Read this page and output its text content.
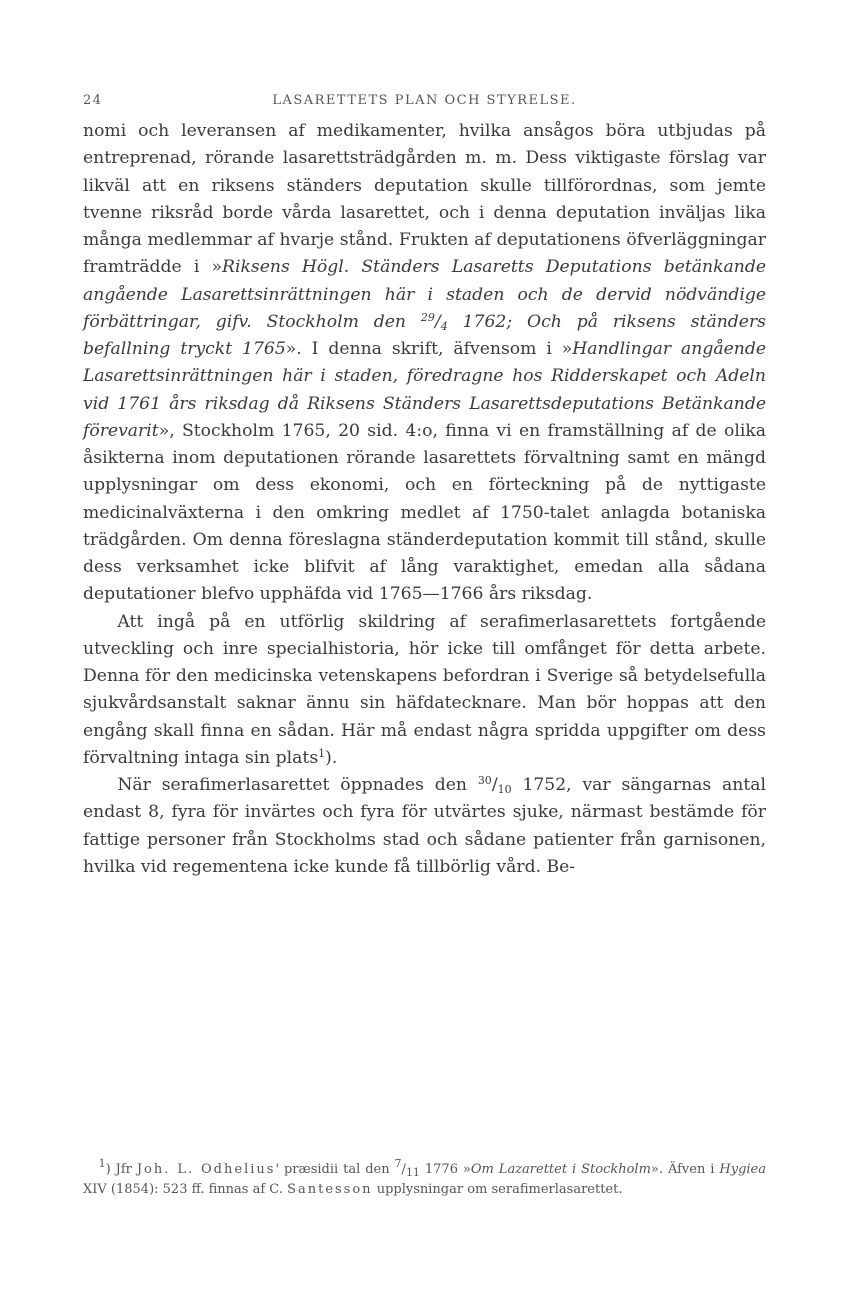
24	LASARETTETS PLAN OCH STYRELSE.

nomi och leveransen af medikamenter, hvilka ansågos böra utbjudas på entreprenad, rörande lasarettsträdgården m. m. Dess viktigaste förslag var likväl att en riksens ständers deputation skulle tillförordnas, som jemte tvenne riksråd borde vårda lasarettet, och i denna deputation inväljas lika många medlemmar af hvarje stånd. Frukten af deputationens öfverläggningar framträdde i »Riksens Högl. Ständers Lasaretts Deputations betänkande angående Lasarettsinrättningen här i staden och de dervid nödvändige förbättringar, gifv. Stockholm den $^{29}/_4$ 1762; Och på riksens ständers befallning tryckt 1765». I denna skrift, äfvensom i »Handlingar angående Lasarettsinrättningen här i staden, föredragne hos Ridderskapet och Adeln vid 1761 års riksdag då Riksens Ständers Lasarettsdeputations Betänkande förevarit», Stockholm 1765, 20 sid. 4:o, finna vi en framställning af de olika åsikterna inom deputationen rörande lasarettets förvaltning samt en mängd upplysningar om dess ekonomi, och en förteckning på de nyttigaste medicinalväxterna i den omkring medlet af 1750-talet anlagda botaniska trädgården. Om denna föreslagna ständerdeputation kommit till stånd, skulle dess verksamhet icke blifvit af lång varaktighet, emedan alla sådana deputationer blefvo upphäfda vid 1765—1766 års riksdag.

Att ingå på en utförlig skildring af serafimerlasarettets fortgående utveckling och inre specialhistoria, hör icke till omfånget för detta arbete. Denna för den medicinska vetenskapens befordran i Sverige så betydelsefulla sjukvårdsanstalt saknar ännu sin häfdatecknare. Man bör hoppas att den engång skall finna en sådan. Här må endast några spridda uppgifter om dess förvaltning intaga sin plats$^1$).

När serafimerlasarettet öppnades den $^{30}/_{10}$ 1752, var sängarnas antal endast 8, fyra för invärtes och fyra för utvärtes sjuke, närmast bestämde för fattige personer från Stockholms stad och sådane patienter från garnisonen, hvilka vid regementena icke kunde få tillbörlig vård. Be-

$^1$) Jfr Joh. L. Odhelius' præsidii tal den $^7/_{11}$ 1776 »Om Lazarettet i Stockholm». Äfven i Hygiea XIV (1854): 523 ff. finnas af C. Santesson upplysningar om serafimerlasarettet.
